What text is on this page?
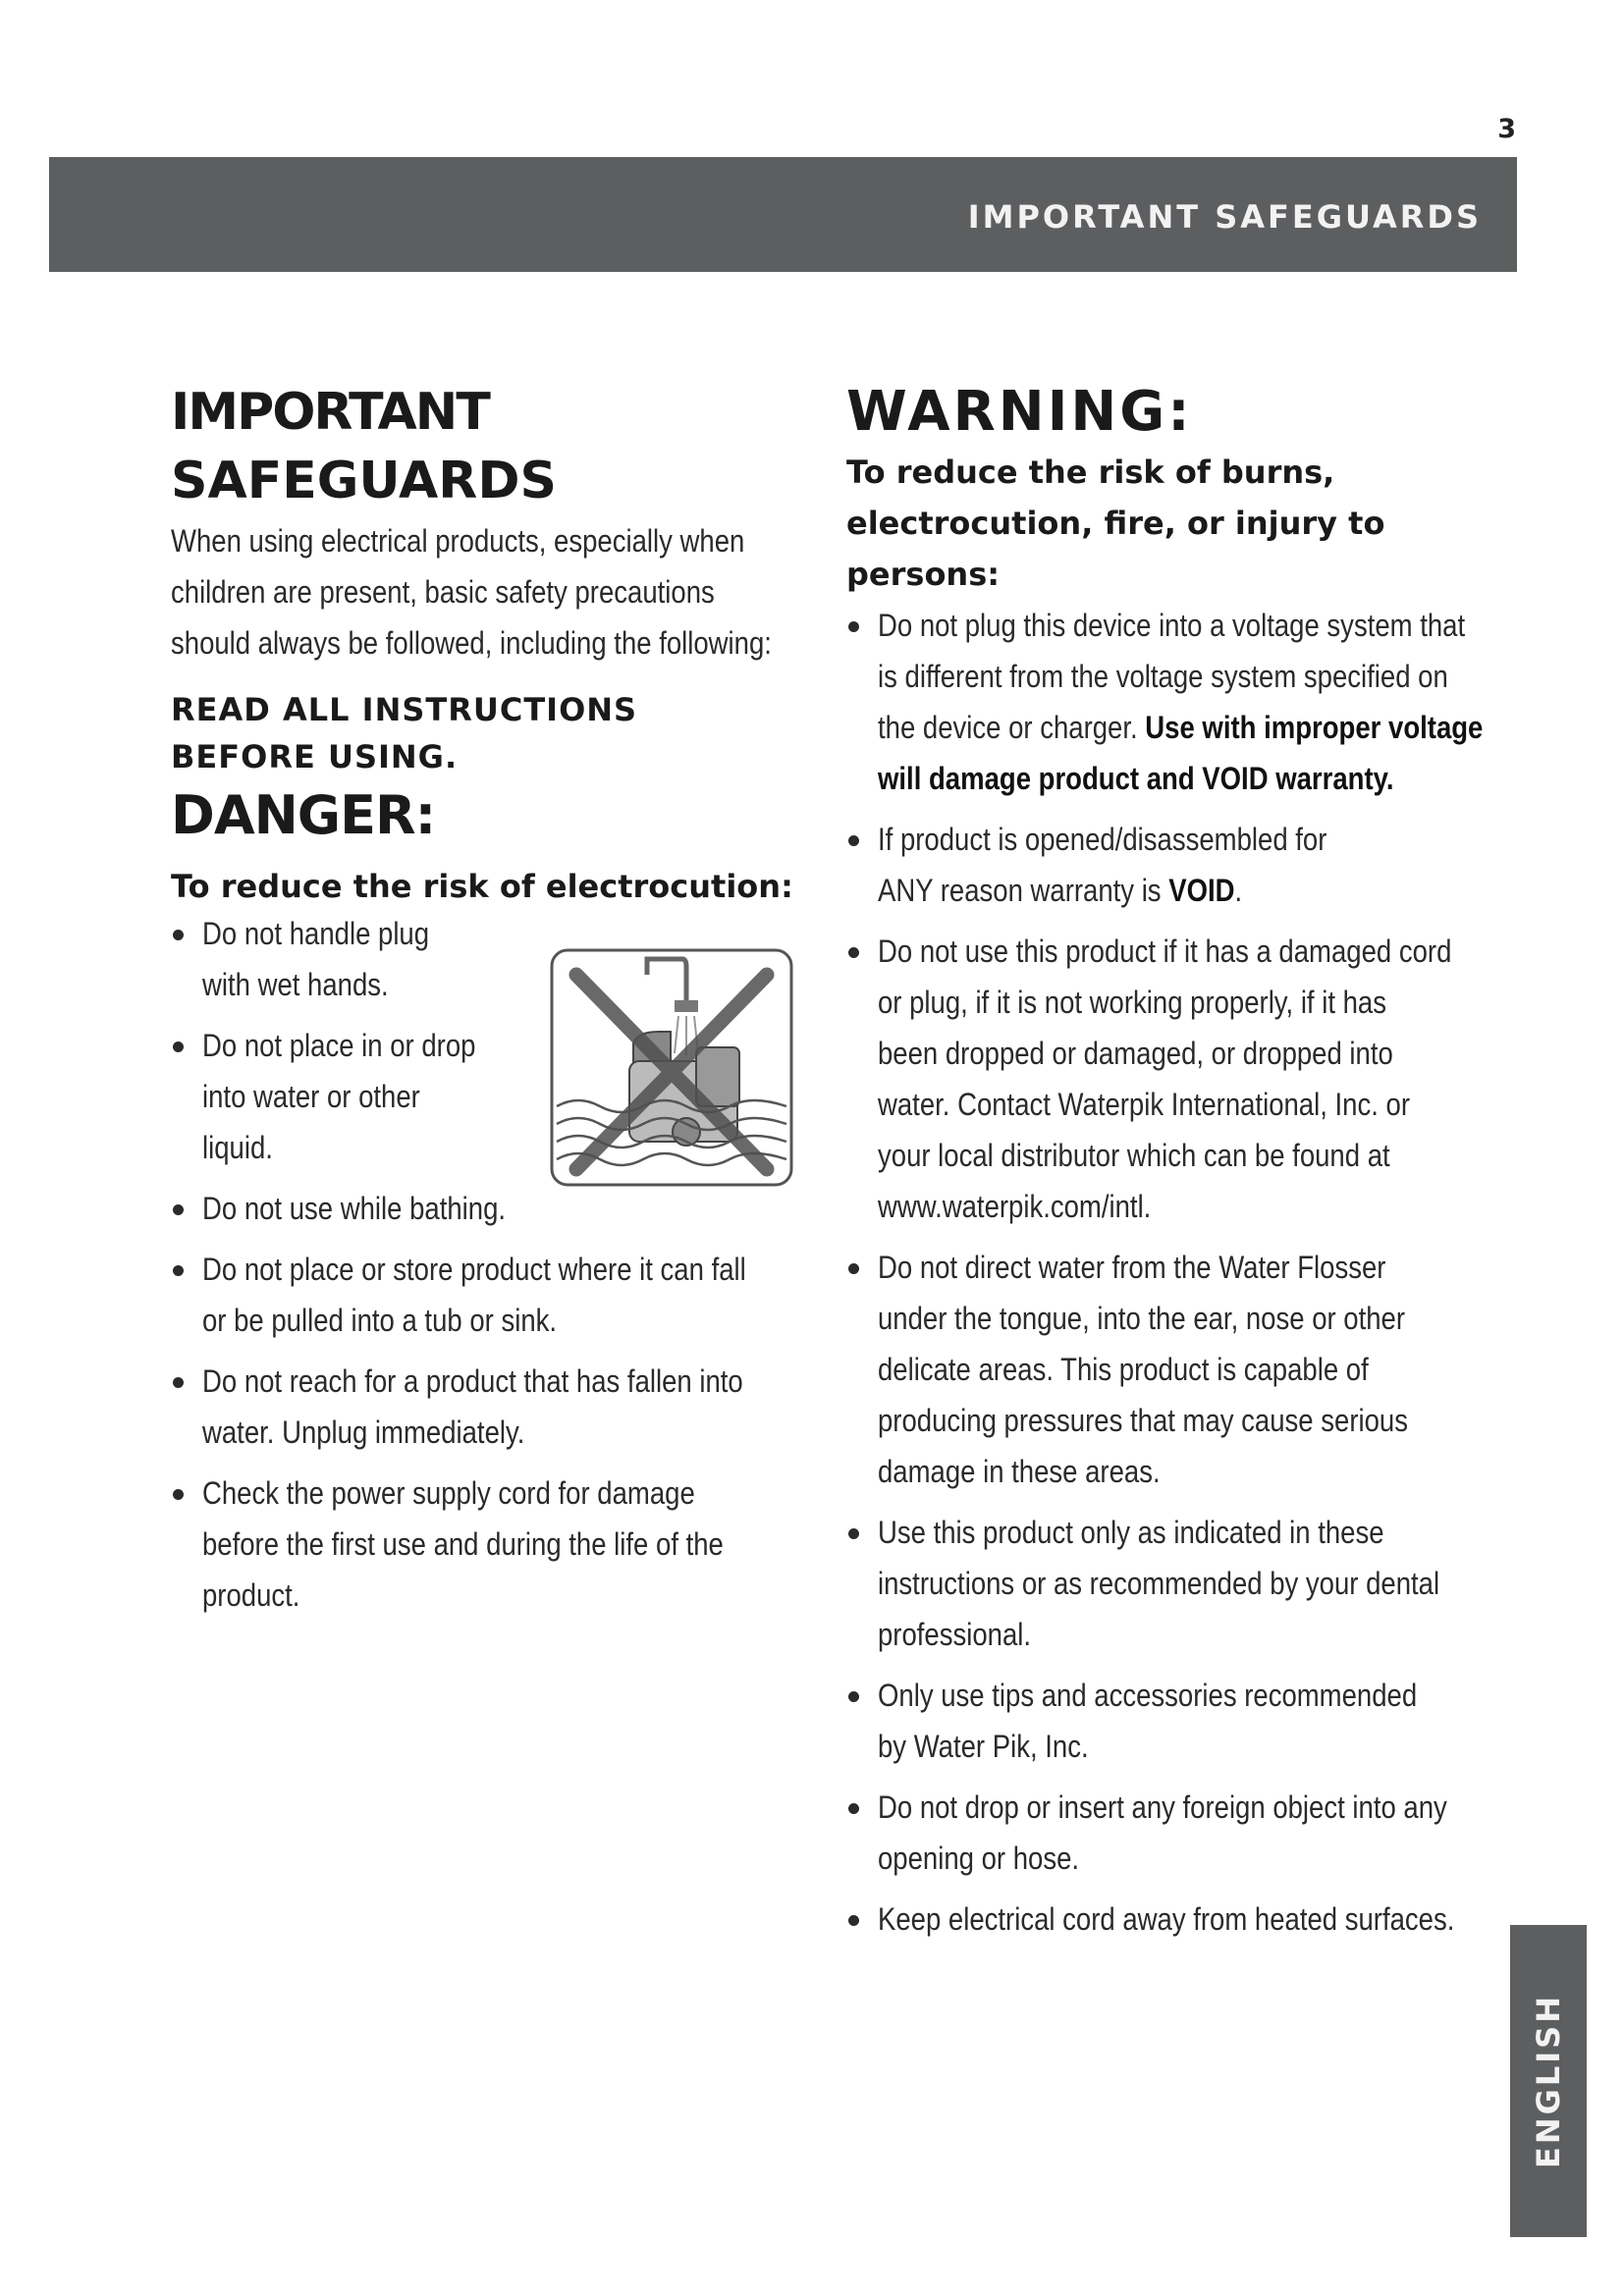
3
IMPORTANT SAFEGUARDS
IMPORTANT
SAFEGUARDS

When using electrical products, especially when children are present, basic safety precautions should always be followed, including the following:

READ ALL INSTRUCTIONS
BEFORE USING.
DANGER:
To reduce the risk of electrocution:
Do not handle plug with wet hands.
Do not place in or drop into water or other liquid.
Do not use while bathing.
Do not place or store product where it can fall or be pulled into a tub or sink.
Do not reach for a product that has fallen into water. Unplug immediately.
Check the power supply cord for damage before the first use and during the life of the product.
WARNING:

To reduce the risk of burns, electrocution, fire, or injury to persons:

Do not plug this device into a voltage system that is different from the voltage system specified on the device or charger. Use with improper voltage will damage product and VOID warranty.
If product is opened/disassembled for ANY reason warranty is VOID.
Do not use this product if it has a damaged cord or plug, if it is not working properly, if it has been dropped or damaged, or dropped into water. Contact Waterpik International, Inc. or your local distributor which can be found at www.waterpik.com/intl.
Do not direct water from the Water Flosser under the tongue, into the ear, nose or other delicate areas. This product is capable of producing pressures that may cause serious damage in these areas.
Use this product only as indicated in these instructions or as recommended by your dental professional.
Only use tips and accessories recommended by Water Pik, Inc.
Do not drop or insert any foreign object into any opening or hose.
Keep electrical cord away from heated surfaces.
ENGLISH
